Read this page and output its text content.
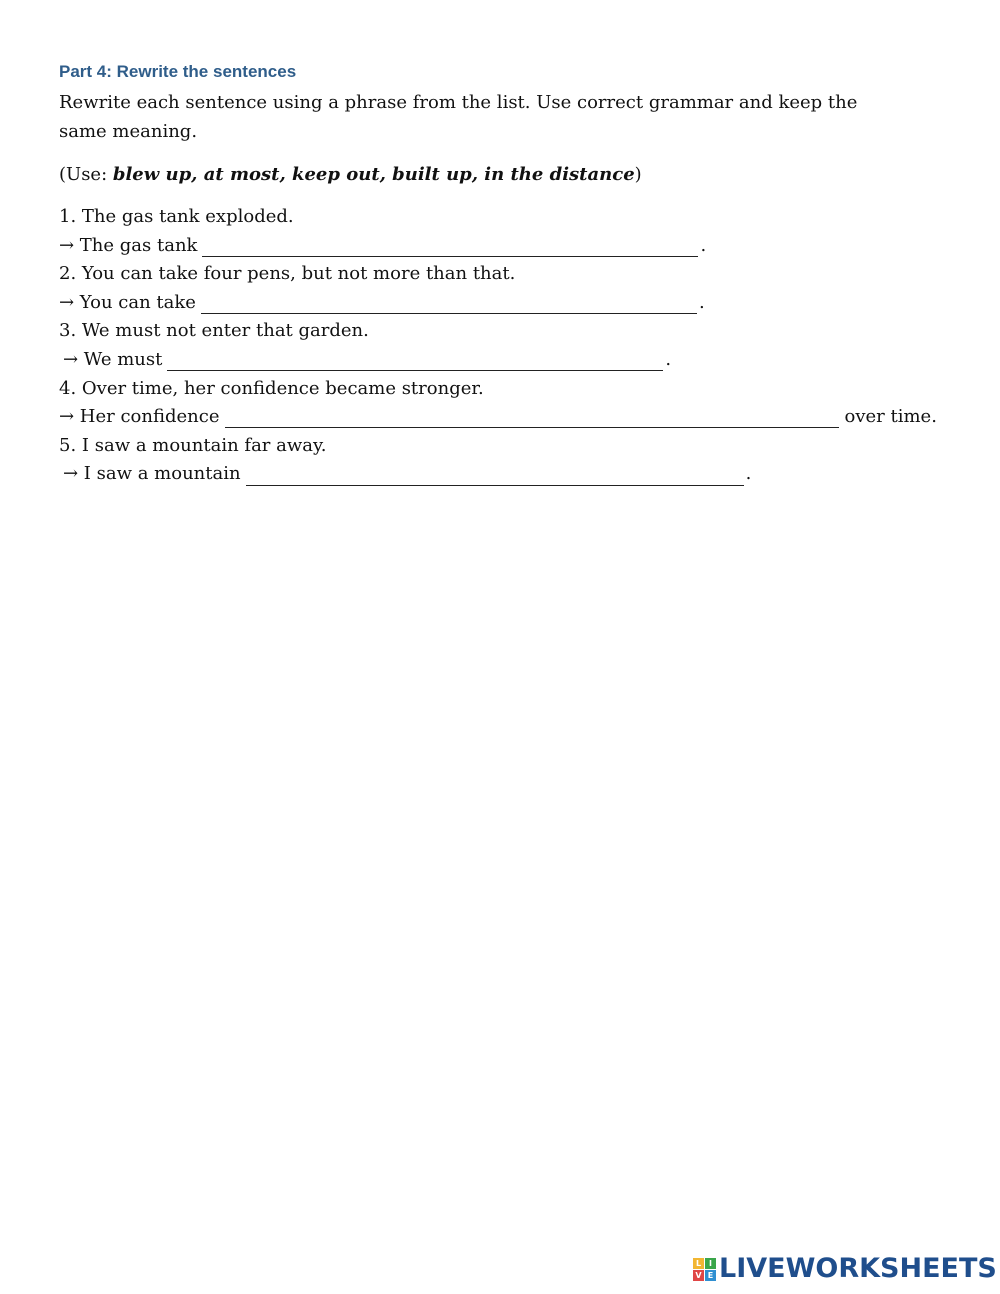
Part 4: Rewrite the sentences

Rewrite each sentence using a phrase from the list. Use correct grammar and keep the same meaning.

(Use: blew up, at most, keep out, built up, in the distance)

1. The gas tank exploded.
→ The gas tank	.
2. You can take four pens, but not more than that.
→ You can take	.
3. We must not enter that garden.
→ We must	.
4. Over time, her confidence became stronger.
→ Her confidence	over time.
5. I saw a mountain far away.
→ I saw a mountain	.
L I
V E LIVEWORKSHEETS
